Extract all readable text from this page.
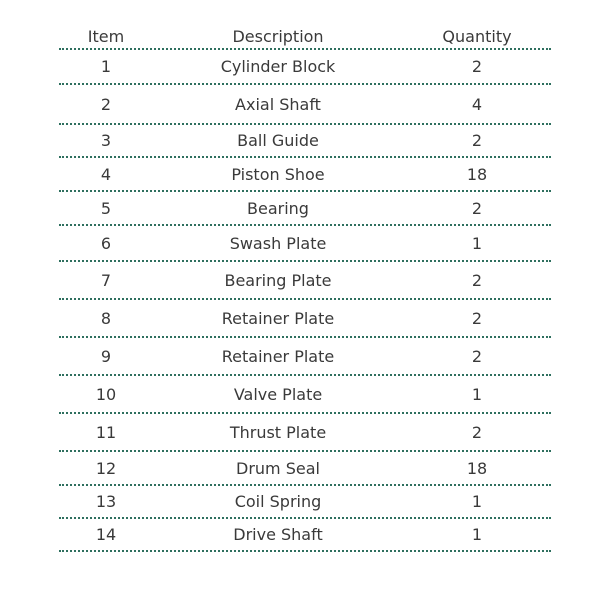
Item	Description	Quantity
1	Cylinder Block	2
2	Axial Shaft	4
3	Ball Guide	2
4	Piston Shoe	18
5	Bearing	2
6	Swash Plate	1
7	Bearing Plate	2
8	Retainer Plate	2
9	Retainer Plate	2
10	Valve Plate	1
11	Thrust Plate	2
12	Drum Seal	18
13	Coil Spring	1
14	Drive Shaft	1
